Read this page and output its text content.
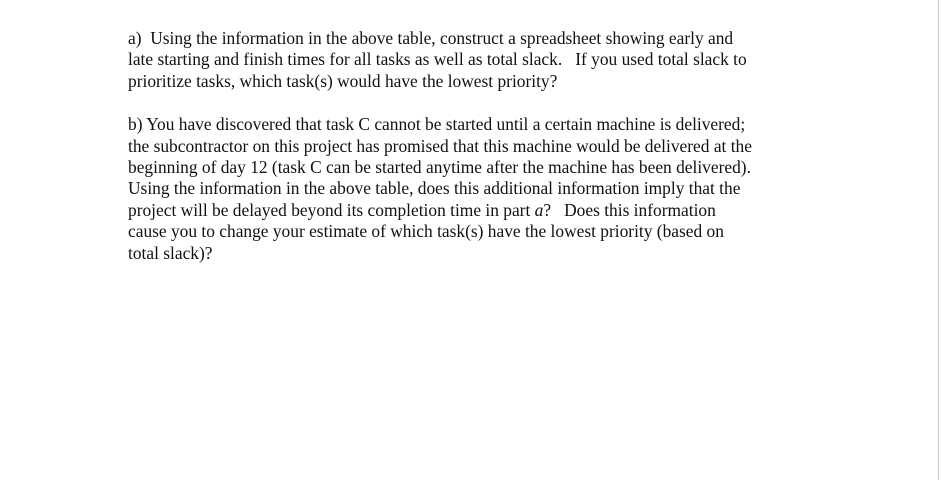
a)  Using the information in the above table, construct a spreadsheet showing early and
late starting and finish times for all tasks as well as total slack.   If you used total slack to
prioritize tasks, which task(s) would have the lowest priority?

b) You have discovered that task C cannot be started until a certain machine is delivered;
the subcontractor on this project has promised that this machine would be delivered at the
beginning of day 12 (task C can be started anytime after the machine has been delivered).
Using the information in the above table, does this additional information imply that the
project will be delayed beyond its completion time in part a?   Does this information
cause you to change your estimate of which task(s) have the lowest priority (based on
total slack)?
